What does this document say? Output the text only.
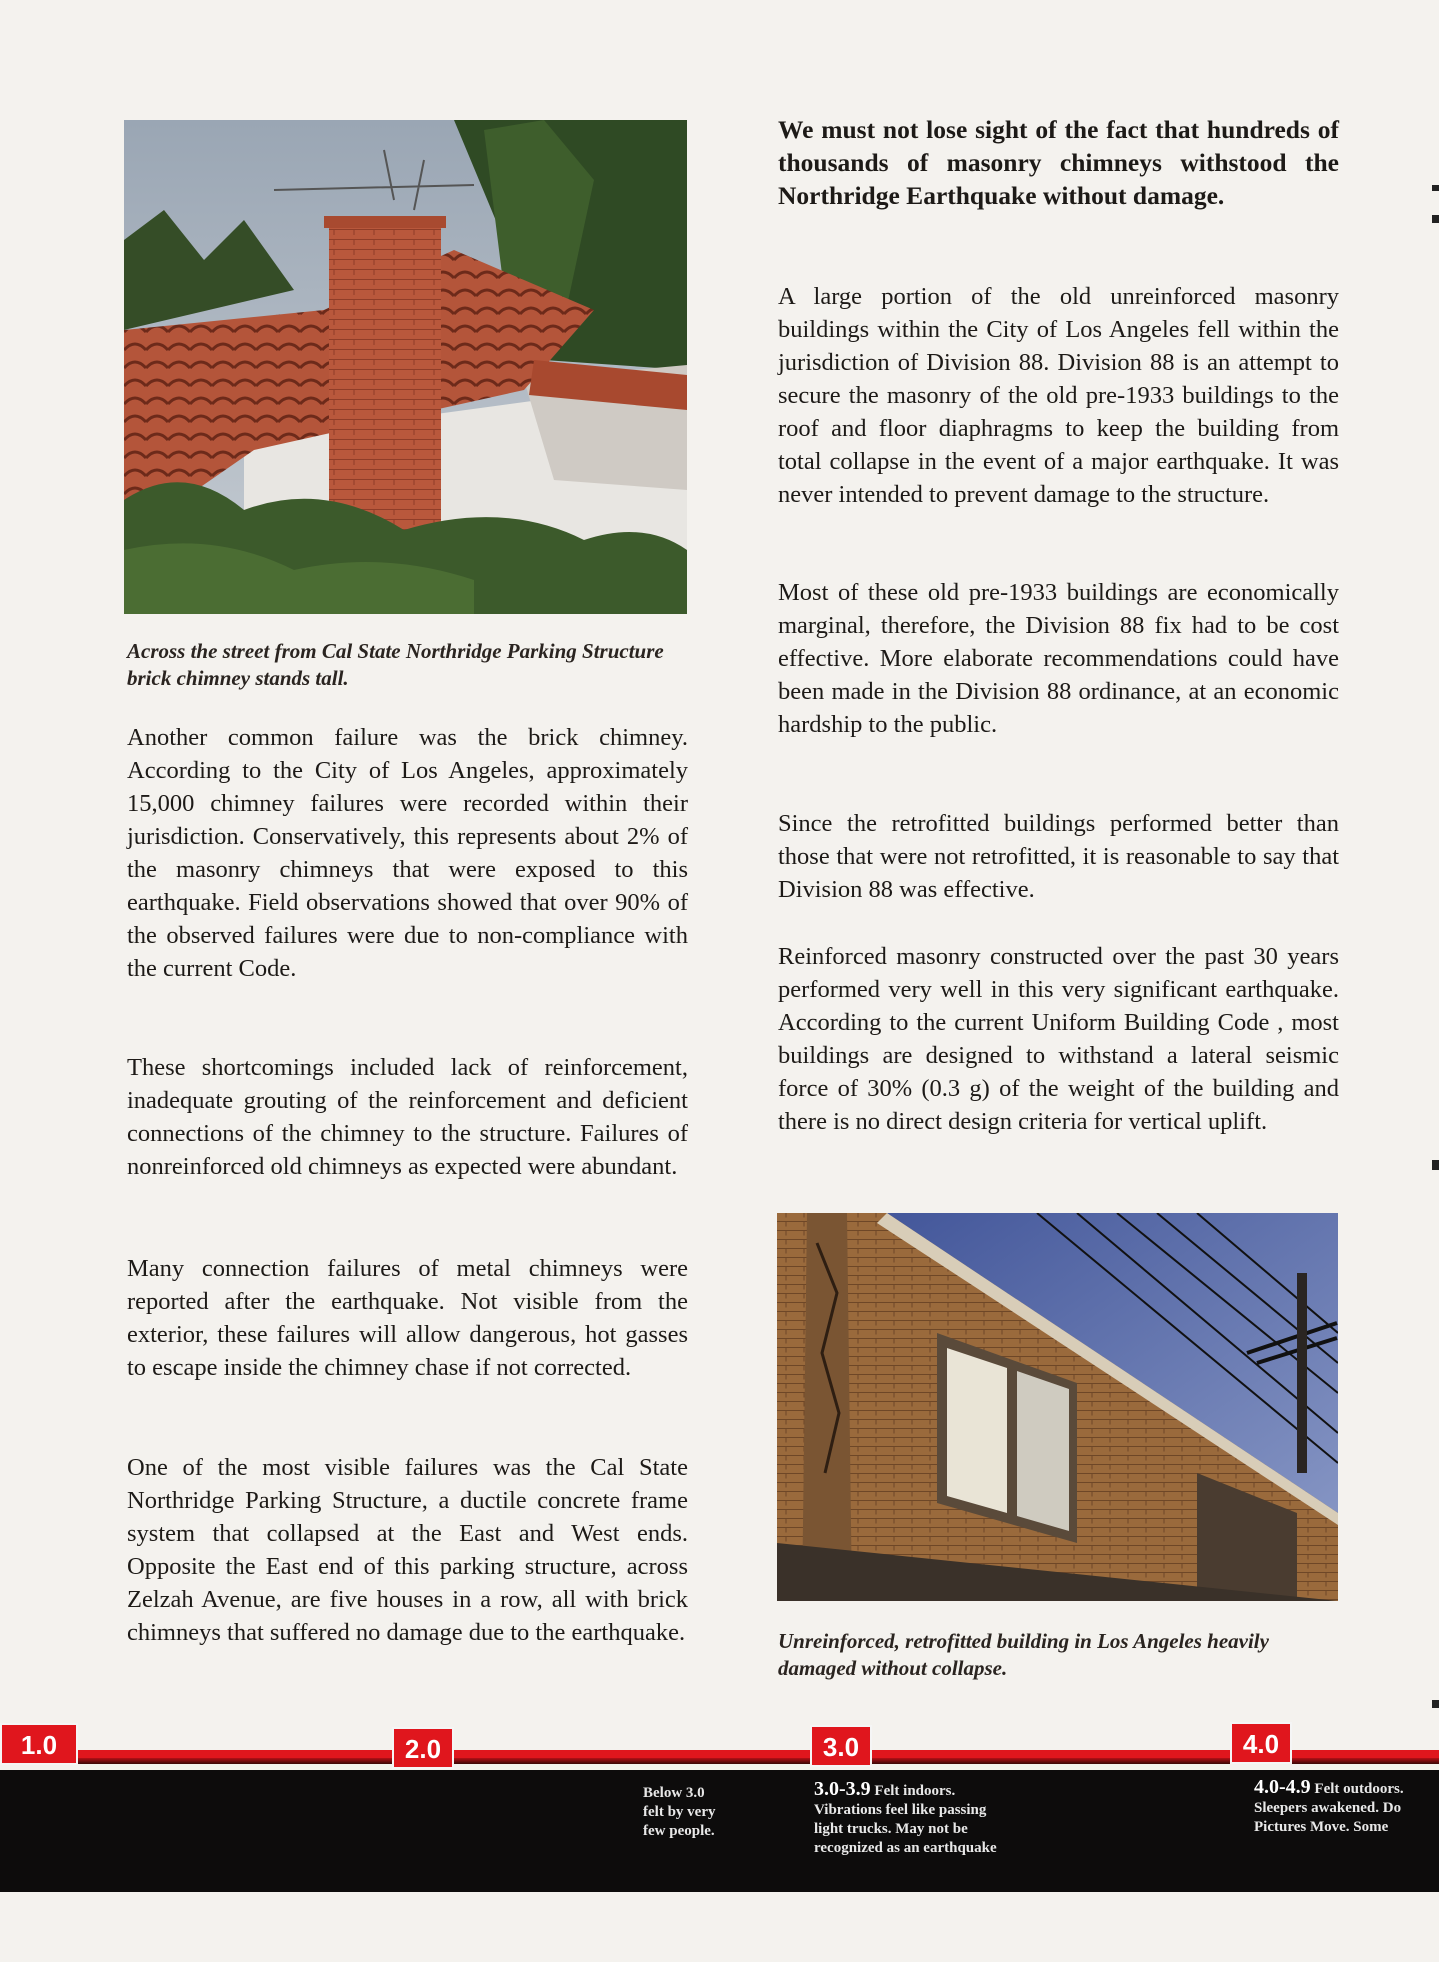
Across the street from Cal State Northridge Parking Structure brick chimney stands tall.

Another common failure was the brick chimney. According to the City of Los Angeles, approximately 15,000 chimney failures were recorded within their jurisdiction. Conservatively, this represents about 2% of the masonry chimneys that were exposed to this earthquake. Field observations showed that over 90% of the observed failures were due to non-compliance with the current Code.

These shortcomings included lack of reinforcement, inadequate grouting of the reinforcement and deficient connections of the chimney to the structure. Failures of nonreinforced old chimneys as expected were abundant.

Many connection failures of metal chimneys were reported after the earthquake. Not visible from the exterior, these failures will allow dangerous, hot gasses to escape inside the chimney chase if not corrected.

One of the most visible failures was the Cal State Northridge Parking Structure, a ductile concrete frame system that collapsed at the East and West ends. Opposite the East end of this parking structure, across Zelzah Avenue, are five houses in a row, all with brick chimneys that suffered no damage due to the earthquake.

We must not lose sight of the fact that hundreds of thousands of masonry chimneys withstood the Northridge Earthquake without damage.

A large portion of the old unreinforced masonry buildings within the City of Los Angeles fell within the jurisdiction of Division 88. Division 88 is an attempt to secure the masonry of the old pre-1933 buildings to the roof and floor diaphragms to keep the building from total collapse in the event of a major earthquake. It was never intended to prevent damage to the structure.

Most of these old pre-1933 buildings are economically marginal, therefore, the Division 88 fix had to be cost effective. More elaborate recommendations could have been made in the Division 88 ordinance, at an economic hardship to the public.

Since the retrofitted buildings performed better than those that were not retrofitted, it is reasonable to say that Division 88 was effective.

Reinforced masonry constructed over the past 30 years performed very well in this very significant earthquake. According to the current Uniform Building Code , most buildings are designed to withstand a lateral seismic force of 30% (0.3 g) of the weight of the building and there is no direct design criteria for vertical uplift.

Unreinforced, retrofitted building in Los Angeles heavily damaged without collapse.
1.0	2.0	3.0	4.0
Below 3.0
felt by very
few people.
3.0-3.9 Felt indoors.
Vibrations feel like passing
light trucks. May not be
recognized as an earthquake
4.0-4.9 Felt outdoors.
Sleepers awakened. Do
Pictures Move. Some
